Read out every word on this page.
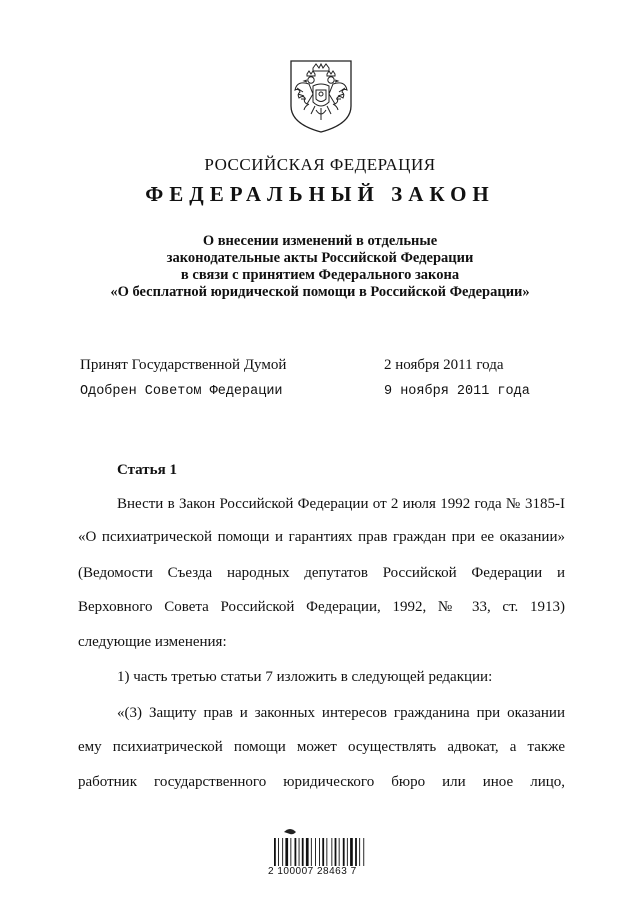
РОССИЙСКАЯ ФЕДЕРАЦИЯ
ФЕДЕРАЛЬНЫЙ ЗАКОН
О внесении изменений в отдельные
законодательные акты Российской Федерации
в связи с принятием Федерального закона
«О бесплатной юридической помощи в Российской Федерации»
Принят Государственной Думой	2 ноября 2011 года
Одобрен Советом Федерации	9 ноября 2011 года
Статья 1
Внести в Закон Российской Федерации от 2 июля 1992 года № 3185-I
«О психиатрической помощи и гарантиях прав граждан при ее оказании»
(Ведомости Съезда народных депутатов Российской Федерации и
Верховного Совета Российской Федерации, 1992, № 33, ст. 1913)
следующие изменения:
1) часть третью статьи 7 изложить в следующей редакции:
«(3) Защиту прав и законных интересов гражданина при оказании
ему психиатрической помощи может осуществлять адвокат, а также
работник государственного юридического бюро или иное лицо,
2 100007 28463 7
